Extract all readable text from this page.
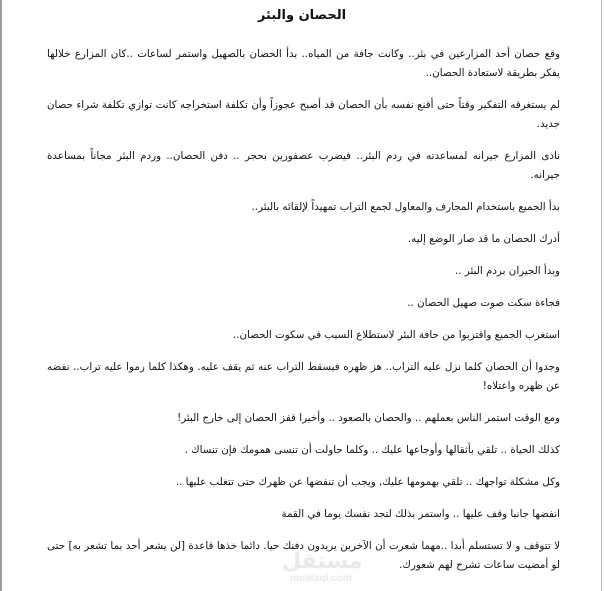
الحصان والبئر

وقع حصان أحد المزارعين في بئر.. وكانت جافة من المياه.. بدأ الحصان بالصهيل واستمر لساعات ..كان المزارع خلالها يفكر بطريقة لاستعادة الحصان..

لم يستغرقه التفكير وقتاً حتى أقنع نفسه بأن الحصان قد أصبح عجوزاً وأن تكلفة استخراجه كانت توازي تكلفة شراء حصان جديد.

نادى المزارع جيرانه لمساعدته في ردم البئر.. فيضرب عصفورين بحجر .. دفن الحصان.. وردم البئر مجاناً بمساعدة جيرانه.

بدأ الجميع باستخدام المجارف والمعاول لجمع التراب تمهيداً لإلقائه بالبئر..

أدرك الحصان ما قد صار الوضع إليه.

وبدأ الجيران بردم البئر ..

فجاءة سكت صوت صهيل الحصان ..

استغرب الجميع واقتربوا من حافة البئر لاستطلاع السبب في سكوت الحصان..

وجدوا أن الحصان كلما نزل عليه التراب.. هز ظهره فيسقط التراب عنه ثم يقف عليه. وهكذا كلما رموا عليه تراب.. نفضه عن ظهره واعتلاه!

ومع الوقت استمر الناس بعملهم .. والحصان بالصعود .. وأخيرا قفز الحصان إلى خارج البئر!

كذلك الحياة .. تلقي بأثقالها وأوجاعها عليك .. وكلما حاولت أن تنسى همومك فإن تنساك .

وكل مشكلة تواجهك .. تلقي بهمومها عليك, ويجب أن تنفضها عن ظهرك حتى تتغلب عليها ..

انفضها جانبا وقف عليها .. واستمر بذلك لتجد نفسك يوما في القمة

لا تتوقف و لا تستسلم أبدا ..مهما شعرت أن الآخرين يريدون دفنك حيا. دائما خذها قاعدة [لن يشعر أحد بما تشعر به] حتى لو أمضيت ساعات تشرح لهم شعورك.

مستقل
mostaql.com
